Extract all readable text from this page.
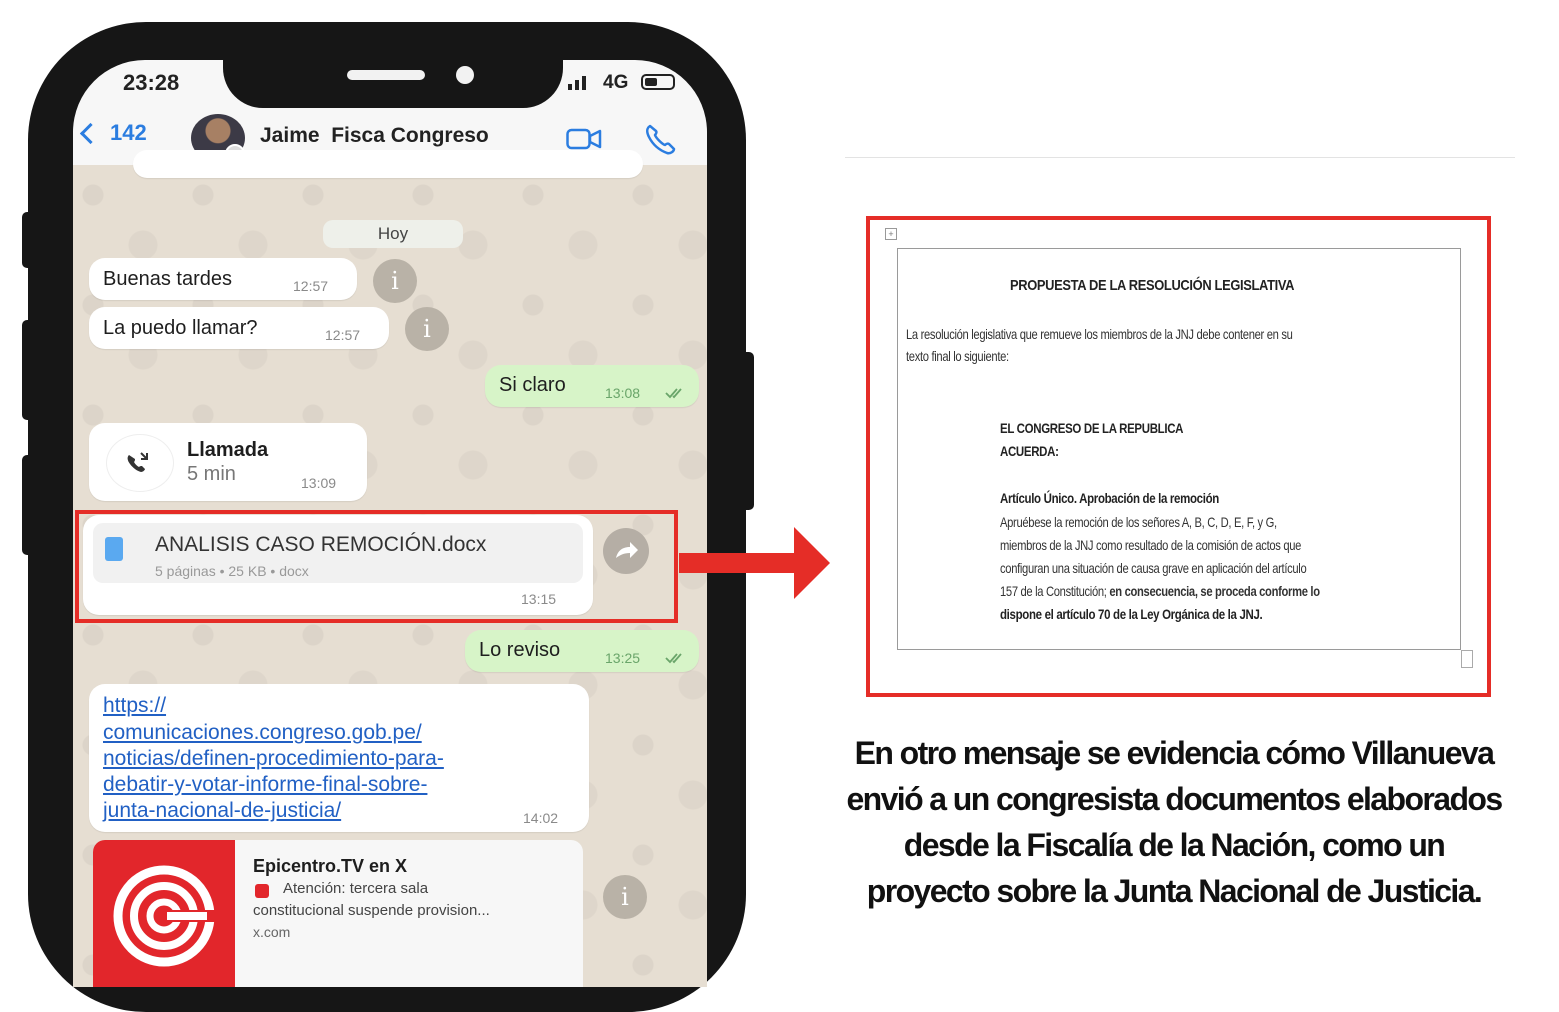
23:28	4G
142	Jaime  Fisca Congreso
Hoy
Buenas tardes	12:57	i
La puedo llamar?	12:57	i
Si claro	13:08
Llamada
5 min	13:09
ANALISIS CASO REMOCIÓN.docx
5 páginas • 25 KB • docx
13:15
Lo reviso	13:25
https://
comunicaciones.congreso.gob.pe/
noticias/definen-procedimiento-para-
debatir-y-votar-informe-final-sobre-
junta-nacional-de-justicia/	14:02
Epicentro.TV en X
Atención: tercera sala
constitucional suspende provision...
x.com
i
+
PROPUESTA DE LA RESOLUCIÓN LEGISLATIVA
La resolución legislativa que remueve los miembros de la JNJ debe contener en su
texto final lo siguiente:
EL CONGRESO DE LA REPUBLICA
ACUERDA:
Artículo Único. Aprobación de la remoción
Apruébese la remoción de los señores A, B, C, D, E, F, y G,
miembros de la JNJ como resultado de la comisión de actos que
configuran una situación de causa grave en aplicación del artículo
157 de la Constitución; en consecuencia, se proceda conforme lo
dispone el artículo 70 de la Ley Orgánica de la JNJ.
En otro mensaje se evidencia cómo Villanueva
envió a un congresista documentos elaborados
desde la Fiscalía de la Nación, como un
proyecto sobre la Junta Nacional de Justicia.
